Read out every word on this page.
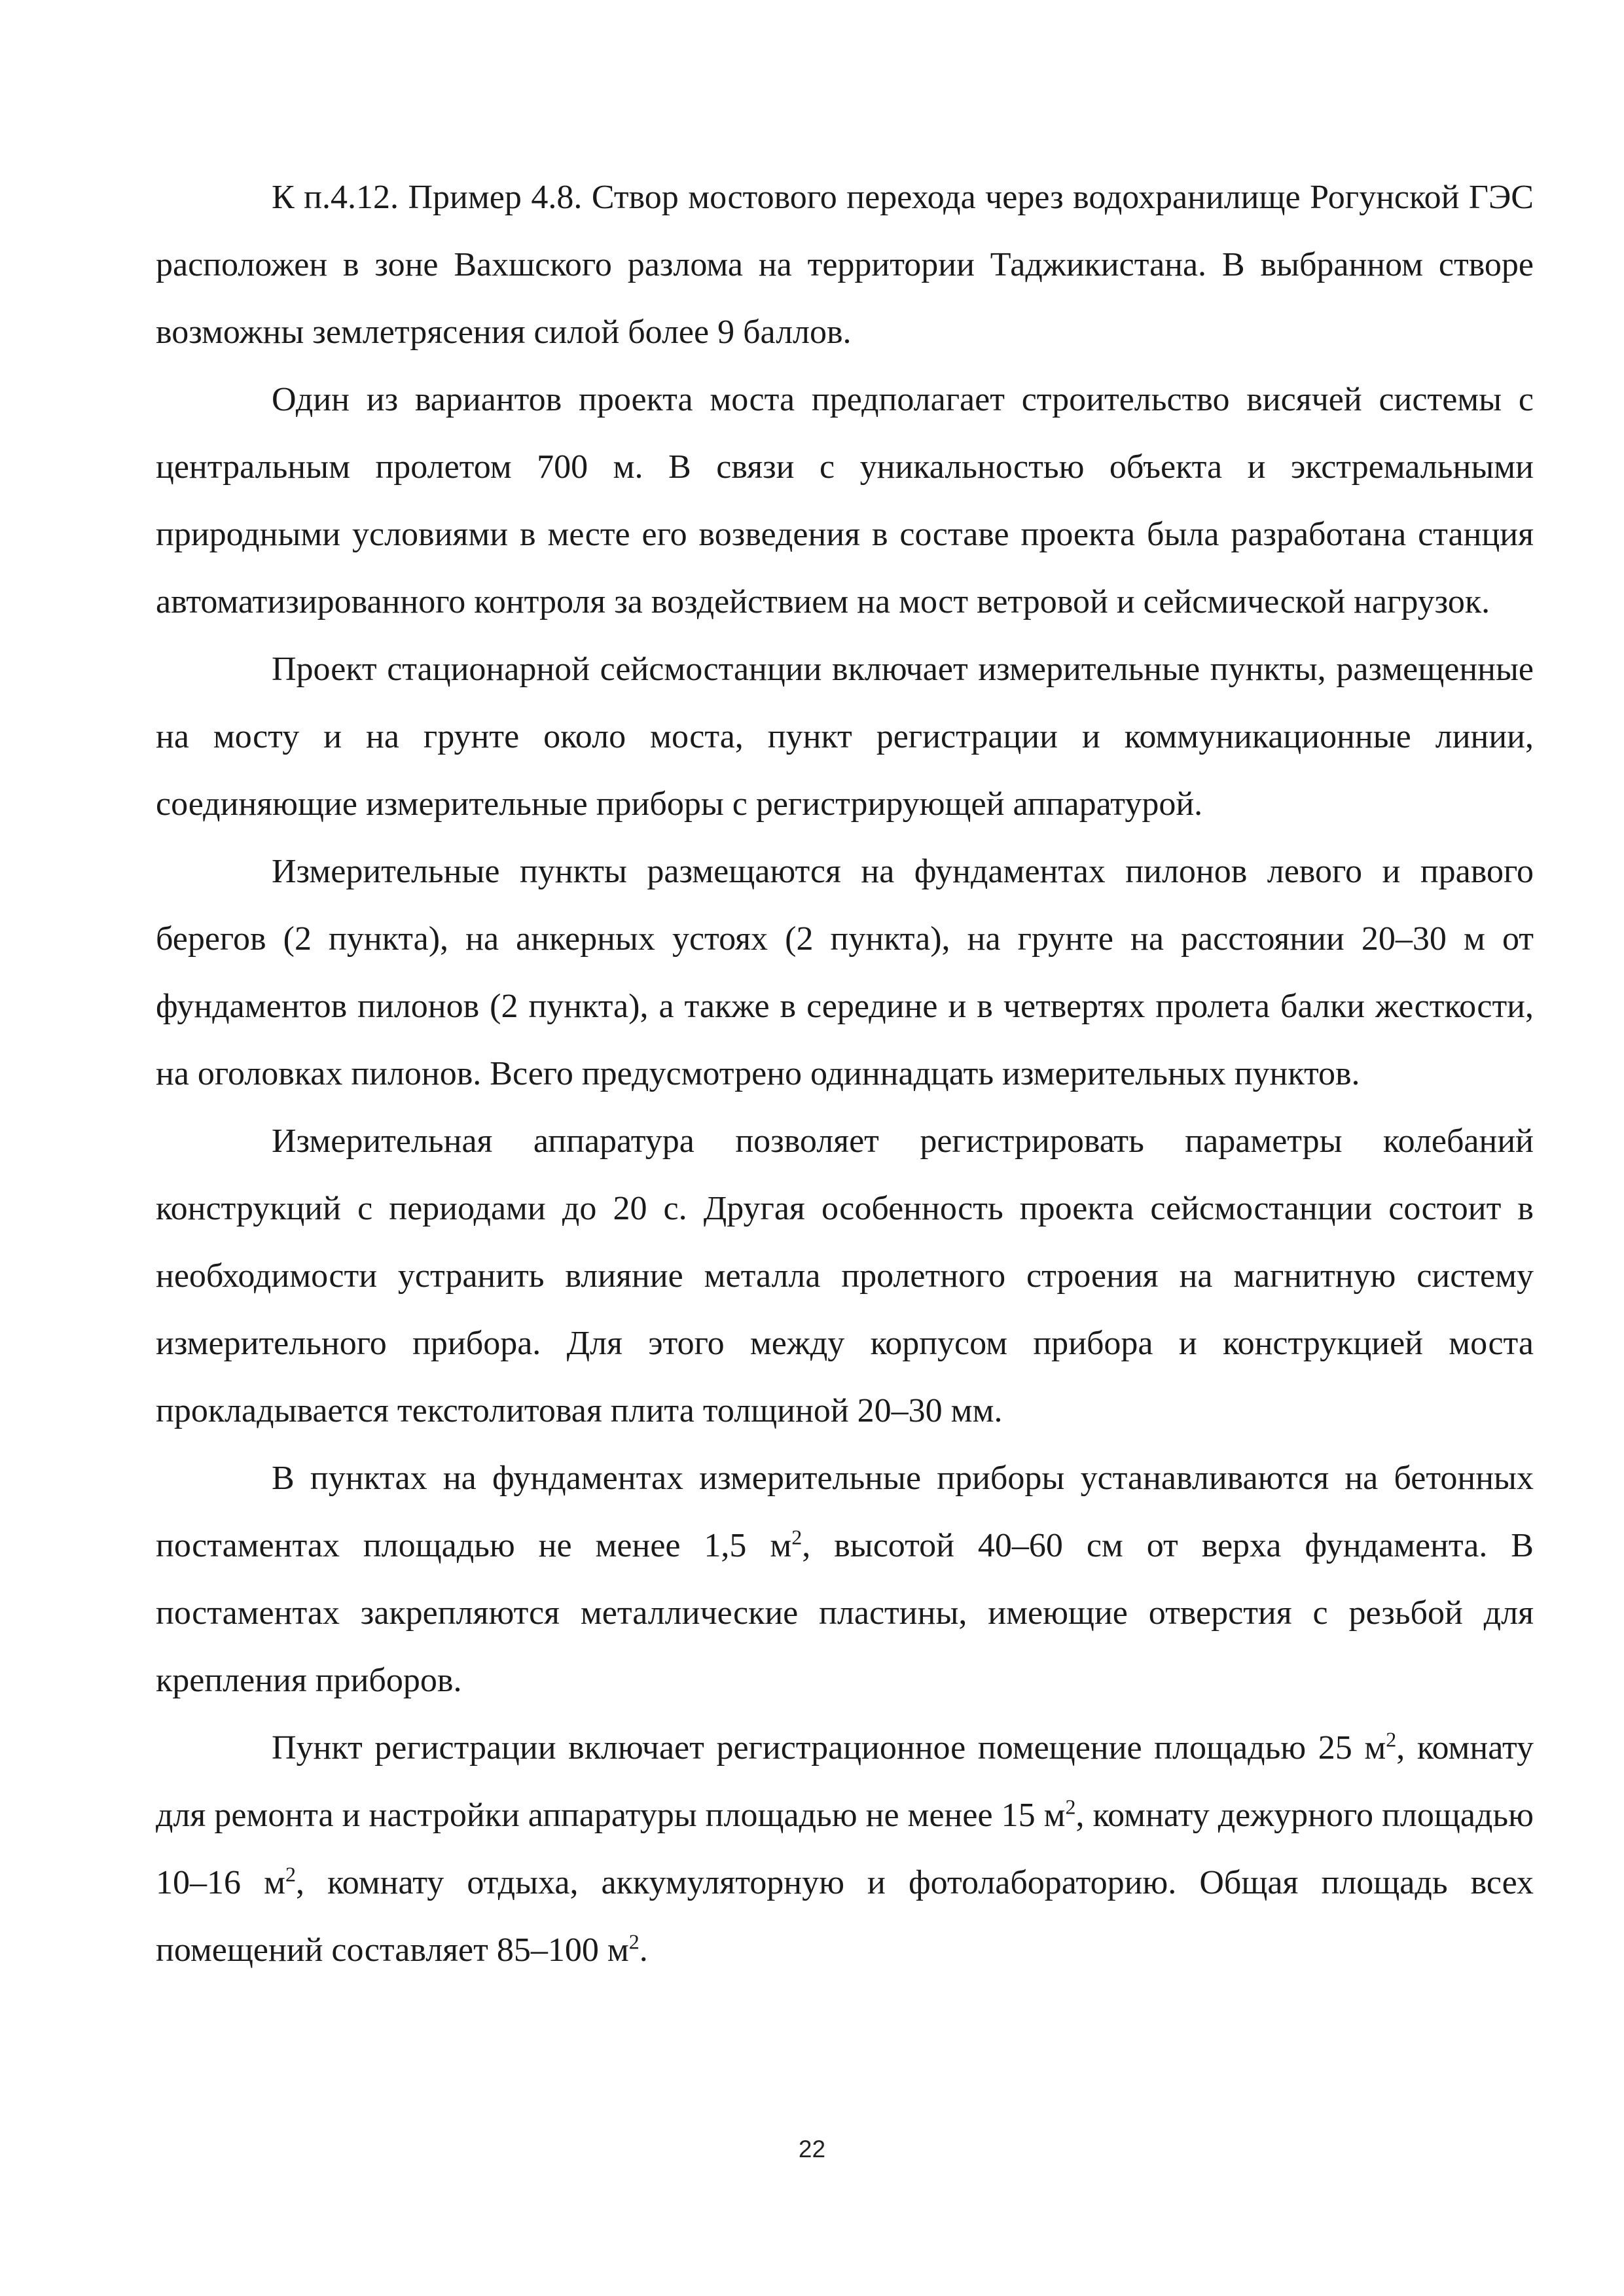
К п.4.12. Пример 4.8. Створ мостового перехода через водохранилище Рогунской ГЭС расположен в зоне Вахшского разлома на территории Таджикистана. В выбранном створе возможны землетрясения силой более 9 баллов.

Один из вариантов проекта моста предполагает строительство висячей системы с центральным пролетом 700 м. В связи с уникальностью объекта и экстремальными природными условиями в месте его возведения в составе проекта была разработана станция автоматизированного контроля за воздействием на мост ветровой и сейсмической нагрузок.

Проект стационарной сейсмостанции включает измерительные пункты, размещенные на мосту и на грунте около моста, пункт регистрации и коммуникационные линии, соединяющие измерительные приборы с регистрирующей аппаратурой.

Измерительные пункты размещаются на фундаментах пилонов левого и правого берегов (2 пункта), на анкерных устоях (2 пункта), на грунте на расстоянии 20–30 м от фундаментов пилонов (2 пункта), а также в середине и в четвертях пролета балки жесткости, на оголовках пилонов. Всего предусмотрено одиннадцать измерительных пунктов.

Измерительная аппаратура позволяет регистрировать параметры колебаний конструкций с периодами до 20 с. Другая особенность проекта сейсмостанции состоит в необходимости устранить влияние металла пролетного строения на магнитную систему измерительного прибора. Для этого между корпусом прибора и конструкцией моста прокладывается текстолитовая плита толщиной 20–30 мм.

В пунктах на фундаментах измерительные приборы устанавливаются на бетонных постаментах площадью не менее 1,5 $м^2$, высотой 40–60 см от верха фундамента. В постаментах закрепляются металлические пластины, имеющие отверстия с резьбой для крепления приборов.

Пункт регистрации включает регистрационное помещение площадью 25 $м^2$, комнату для ремонта и настройки аппаратуры площадью не менее 15 $м^2$, комнату дежурного площадью 10–16 $м^2$, комнату отдыха, аккумуляторную и фотолабораторию. Общая площадь всех помещений составляет 85–100 $м^2$.

22
